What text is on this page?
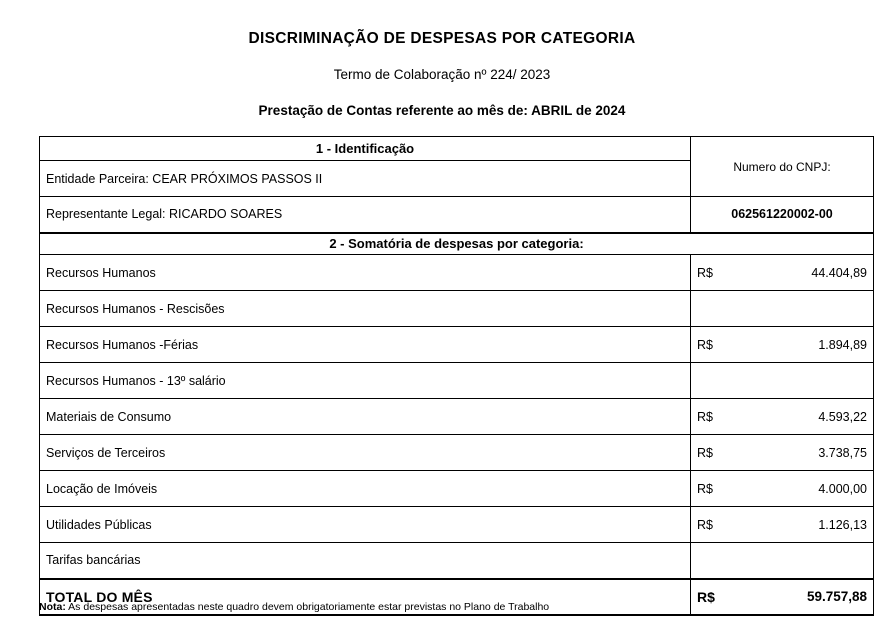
DISCRIMINAÇÃO DE DESPESAS POR CATEGORIA
Termo de Colaboração nº 224/ 2023
Prestação de Contas referente ao mês de: ABRIL de 2024
1 - Identificação	Numero do CNPJ:	
Entidade Parceira: CEAR PRÓXIMOS PASSOS II		
Representante Legal: RICARDO SOARES	062561220002-00	
2 - Somatória de despesas por categoria:		
Recursos Humanos	R$	44.404,89
Recursos Humanos - Rescisões		
Recursos Humanos -Férias	R$	1.894,89
Recursos Humanos - 13º salário		
Materiais de Consumo	R$	4.593,22
Serviços de Terceiros	R$	3.738,75
Locação de Imóveis	R$	4.000,00
Utilidades Públicas	R$	1.126,13
Tarifas bancárias		
TOTAL DO MÊS	R$	59.757,88
Nota: As despesas apresentadas neste quadro devem obrigatoriamente estar previstas no Plano de Trabalho
